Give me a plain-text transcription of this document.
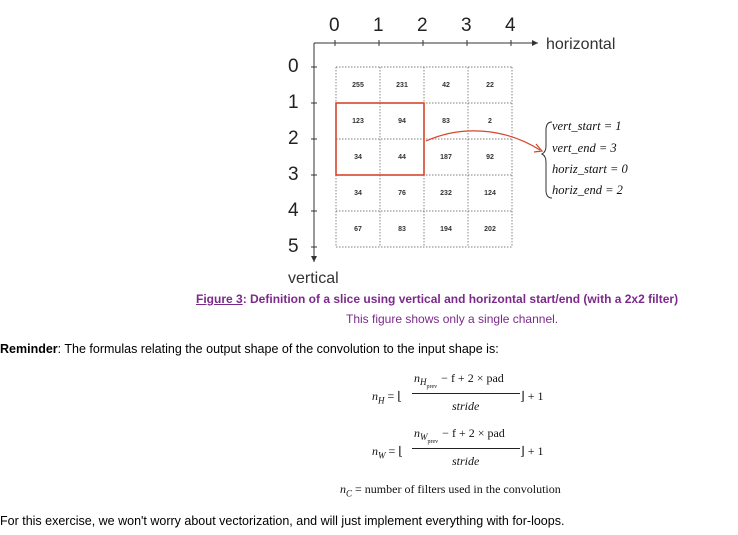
0 1 2 3 4
0
1
2
3
4
5
255	231	42	22
123	94	83	2
34	44	187	92
34	76	232	124
67	83	194	202
horizontal
vertical
vert_start = 1
vert_end = 3
horiz_start = 0
horiz_end = 2
Figure 3: Definition of a slice using vertical and horizontal start/end (with a 2x2 filter)
This figure shows only a single channel.
Reminder: The formulas relating the output shape of the convolution to the input shape is:
$n_H$ = ⌊
$n_{H_{prev}}- f + 2$ × pad
stride
⌋ + 1
$n_W$ = ⌊
$n_{W_{prev}}- f + 2$ × pad
stride
⌋ + 1
$n_C$ = number of filters used in the convolution
For this exercise, we won't worry about vectorization, and will just implement everything with for-loops.
